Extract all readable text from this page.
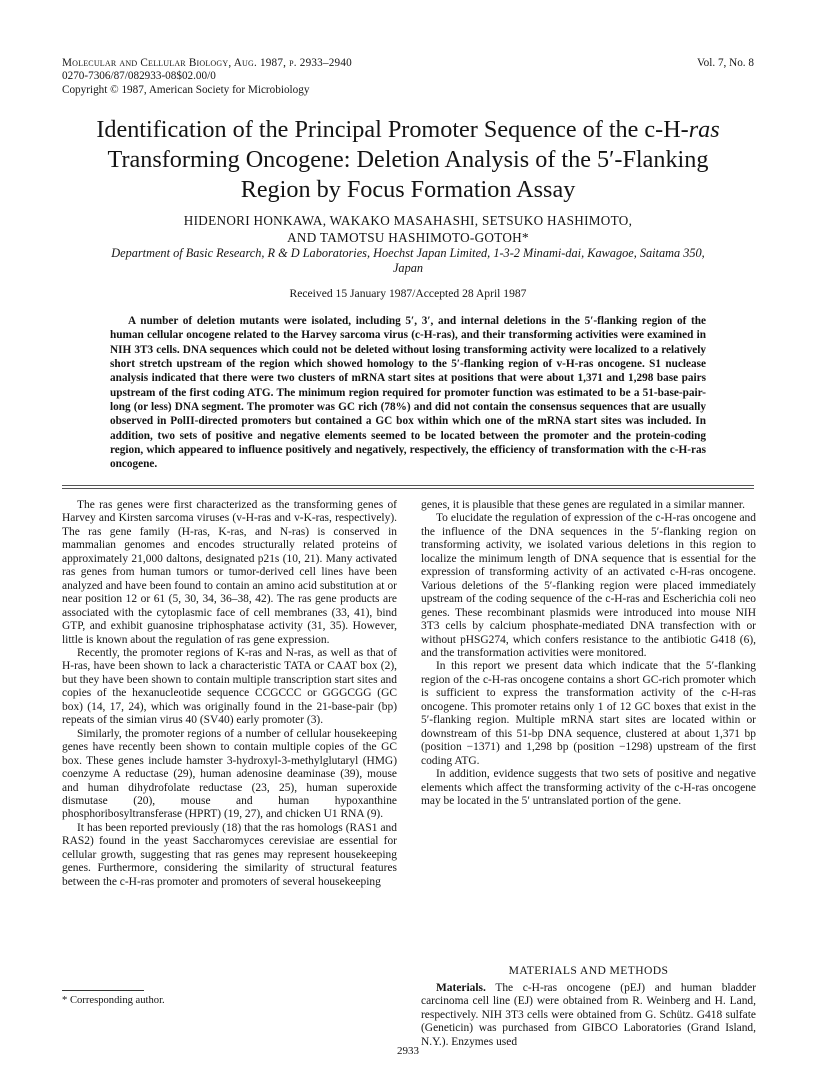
Molecular and Cellular Biology, Aug. 1987, p. 2933–2940
0270-7306/87/082933-08$02.00/0
Copyright © 1987, American Society for Microbiology
Vol. 7, No. 8
Identification of the Principal Promoter Sequence of the c-H-ras
Transforming Oncogene: Deletion Analysis of the 5′-Flanking
Region by Focus Formation Assay
HIDENORI HONKAWA, WAKAKO MASAHASHI, SETSUKO HASHIMOTO,
AND TAMOTSU HASHIMOTO-GOTOH*
Department of Basic Research, R & D Laboratories, Hoechst Japan Limited, 1-3-2 Minami-dai, Kawagoe, Saitama 350, Japan
Received 15 January 1987/Accepted 28 April 1987

A number of deletion mutants were isolated, including 5′, 3′, and internal deletions in the 5′-flanking region of the human cellular oncogene related to the Harvey sarcoma virus (c-H-ras), and their transforming activities were examined in NIH 3T3 cells. DNA sequences which could not be deleted without losing transforming activity were localized to a relatively short stretch upstream of the region which showed homology to the 5′-flanking region of v-H-ras oncogene. S1 nuclease analysis indicated that there were two clusters of mRNA start sites at positions that were about 1,371 and 1,298 base pairs upstream of the first coding ATG. The minimum region required for promoter function was estimated to be a 51-base-pair-long (or less) DNA segment. The promoter was GC rich (78%) and did not contain the consensus sequences that are usually observed in PolII-directed promoters but contained a GC box within which one of the mRNA start sites was included. In addition, two sets of positive and negative elements seemed to be located between the promoter and the protein-coding region, which appeared to influence positively and negatively, respectively, the efficiency of transformation with the c-H-ras oncogene.

The ras genes were first characterized as the transforming genes of Harvey and Kirsten sarcoma viruses (v-H-ras and v-K-ras, respectively). The ras gene family (H-ras, K-ras, and N-ras) is conserved in mammalian genomes and encodes structurally related proteins of approximately 21,000 daltons, designated p21s (10, 21). Many activated ras genes from human tumors or tumor-derived cell lines have been analyzed and have been found to contain an amino acid substitution at or near position 12 or 61 (5, 30, 34, 36–38, 42). The ras gene products are associated with the cytoplasmic face of cell membranes (33, 41), bind GTP, and exhibit guanosine triphosphatase activity (31, 35). However, little is known about the regulation of ras gene expression.

Recently, the promoter regions of K-ras and N-ras, as well as that of H-ras, have been shown to lack a characteristic TATA or CAAT box (2), but they have been shown to contain multiple transcription start sites and copies of the hexanucleotide sequence CCGCCC or GGGCGG (GC box) (14, 17, 24), which was originally found in the 21-base-pair (bp) repeats of the simian virus 40 (SV40) early promoter (3).

Similarly, the promoter regions of a number of cellular housekeeping genes have recently been shown to contain multiple copies of the GC box. These genes include hamster 3-hydroxyl-3-methylglutaryl (HMG) coenzyme A reductase (29), human adenosine deaminase (39), mouse and human dihydrofolate reductase (23, 25), human superoxide dismutase (20), mouse and human hypoxanthine phosphoribosyltransferase (HPRT) (19, 27), and chicken U1 RNA (9).

It has been reported previously (18) that the ras homologs (RAS1 and RAS2) found in the yeast Saccharomyces cerevisiae are essential for cellular growth, suggesting that ras genes may represent housekeeping genes. Furthermore, considering the similarity of structural features between the c-H-ras promoter and promoters of several housekeeping

genes, it is plausible that these genes are regulated in a similar manner.

To elucidate the regulation of expression of the c-H-ras oncogene and the influence of the DNA sequences in the 5′-flanking region on transforming activity, we isolated various deletions in this region to localize the minimum length of DNA sequence that is essential for the expression of transforming activity of an activated c-H-ras oncogene. Various deletions of the 5′-flanking region were placed immediately upstream of the coding sequence of the c-H-ras and Escherichia coli neo genes. These recombinant plasmids were introduced into mouse NIH 3T3 cells by calcium phosphate-mediated DNA transfection with or without pHSG274, which confers resistance to the antibiotic G418 (6), and the transformation activities were monitored.

In this report we present data which indicate that the 5′-flanking region of the c-H-ras oncogene contains a short GC-rich promoter which is sufficient to express the transformation activity of the c-H-ras oncogene. This promoter retains only 1 of 12 GC boxes that exist in the 5′-flanking region. Multiple mRNA start sites are located within or downstream of this 51-bp DNA sequence, clustered at about 1,371 bp (position −1371) and 1,298 bp (position −1298) upstream of the first coding ATG.

In addition, evidence suggests that two sets of positive and negative elements which affect the transforming activity of the c-H-ras oncogene may be located in the 5′ untranslated portion of the gene.

MATERIALS AND METHODS

Materials. The c-H-ras oncogene (pEJ) and human bladder carcinoma cell line (EJ) were obtained from R. Weinberg and H. Land, respectively. NIH 3T3 cells were obtained from G. Schütz. G418 sulfate (Geneticin) was purchased from GIBCO Laboratories (Grand Island, N.Y.). Enzymes used

* Corresponding author.
2933
